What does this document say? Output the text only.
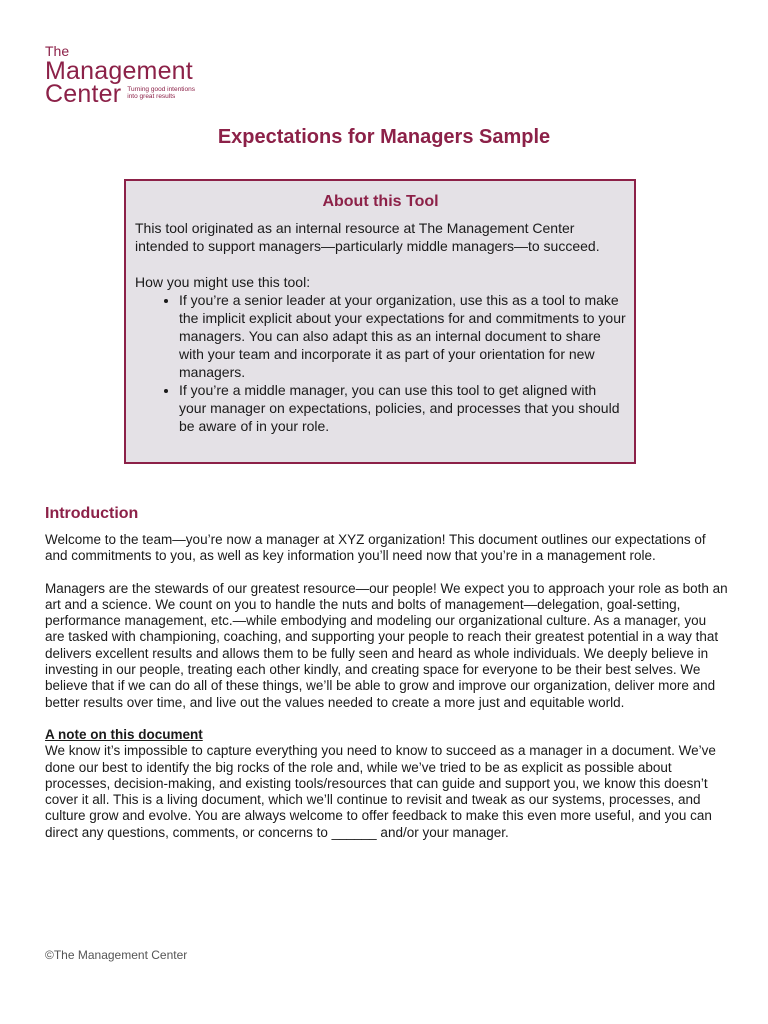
The
Management
Center Turning good intentions
into great results
Expectations for Managers Sample
About this Tool

This tool originated as an internal resource at The Management Center intended to support managers—particularly middle managers—to succeed.

How you might use this tool:

• If you’re a senior leader at your organization, use this as a tool to make the implicit explicit about your expectations for and commitments to your managers. You can also adapt this as an internal document to share with your team and incorporate it as part of your orientation for new managers.
• If you’re a middle manager, you can use this tool to get aligned with your manager on expectations, policies, and processes that you should be aware of in your role.
Introduction

Welcome to the team—you’re now a manager at XYZ organization! This document outlines our expectations of and commitments to you, as well as key information you’ll need now that you’re in a management role.

Managers are the stewards of our greatest resource—our people! We expect you to approach your role as both an art and a science. We count on you to handle the nuts and bolts of management—delegation, goal-setting, performance management, etc.—while embodying and modeling our organizational culture. As a manager, you are tasked with championing, coaching, and supporting your people to reach their greatest potential in a way that delivers excellent results and allows them to be fully seen and heard as whole individuals. We deeply believe in investing in our people, treating each other kindly, and creating space for everyone to be their best selves. We believe that if we can do all of these things, we’ll be able to grow and improve our organization, deliver more and better results over time, and live out the values needed to create a more just and equitable world.

A note on this document

We know it’s impossible to capture everything you need to know to succeed as a manager in a document. We’ve done our best to identify the big rocks of the role and, while we’ve tried to be as explicit as possible about processes, decision-making, and existing tools/resources that can guide and support you, we know this doesn’t cover it all. This is a living document, which we’ll continue to revisit and tweak as our systems, processes, and culture grow and evolve. You are always welcome to offer feedback to make this even more useful, and you can direct any questions, comments, or concerns to ______ and/or your manager.

©The Management Center
